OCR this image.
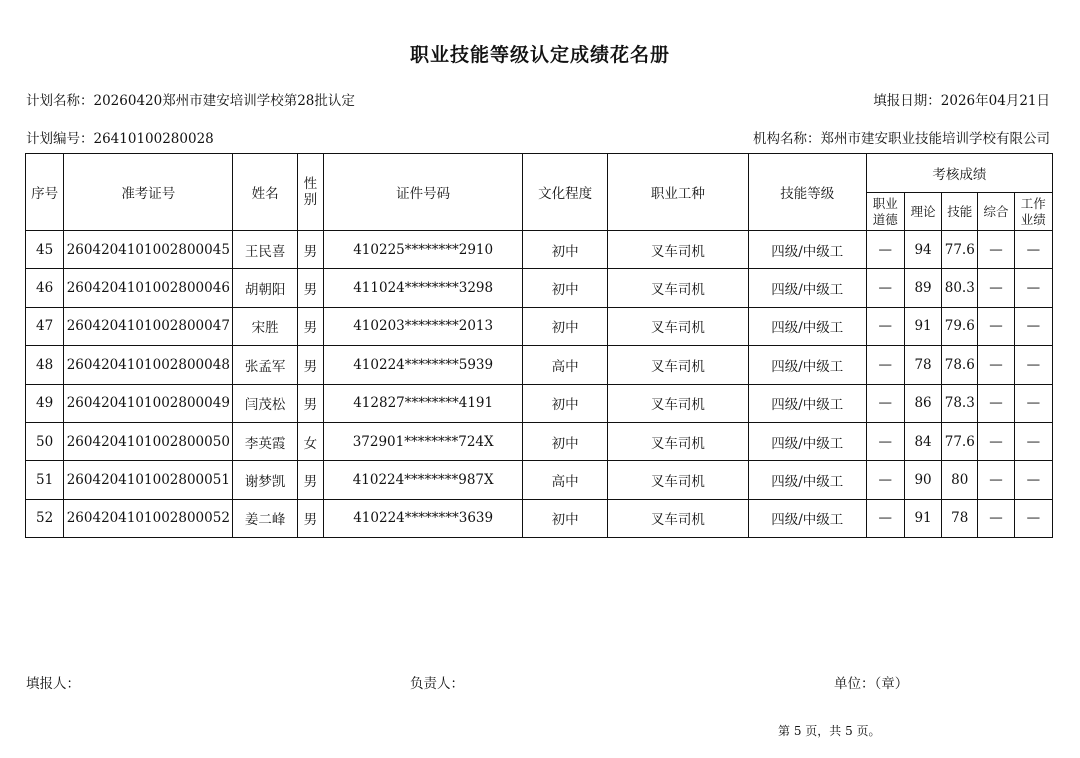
职业技能等级认定成绩花名册
计划名称：20260420郑州市建安培训学校第28批认定	填报日期：2026年04月21日
计划编号：26410100280028	机构名称：郑州市建安职业技能培训学校有限公司
序号	准考证号	姓名	性别	证件号码	文化程度	职业工种	技能等级	考核成绩				
								职业道德	理论	技能	综合	工作业绩
45	2604204101002800045	王民喜	男	410225********2910	初中	叉车司机	四级/中级工	—	94	77.6	—	—
46	2604204101002800046	胡朝阳	男	411024********3298	初中	叉车司机	四级/中级工	—	89	80.3	—	—
47	2604204101002800047	宋胜	男	410203********2013	初中	叉车司机	四级/中级工	—	91	79.6	—	—
48	2604204101002800048	张孟军	男	410224********5939	高中	叉车司机	四级/中级工	—	78	78.6	—	—
49	2604204101002800049	闫茂松	男	412827********4191	初中	叉车司机	四级/中级工	—	86	78.3	—	—
50	2604204101002800050	李英霞	女	372901********724X	初中	叉车司机	四级/中级工	—	84	77.6	—	—
51	2604204101002800051	谢梦凯	男	410224********987X	高中	叉车司机	四级/中级工	—	90	80	—	—
52	2604204101002800052	姜二峰	男	410224********3639	初中	叉车司机	四级/中级工	—	91	78	—	—
填报人：	负责人：	单位：（章）
第 5 页，共 5 页。
